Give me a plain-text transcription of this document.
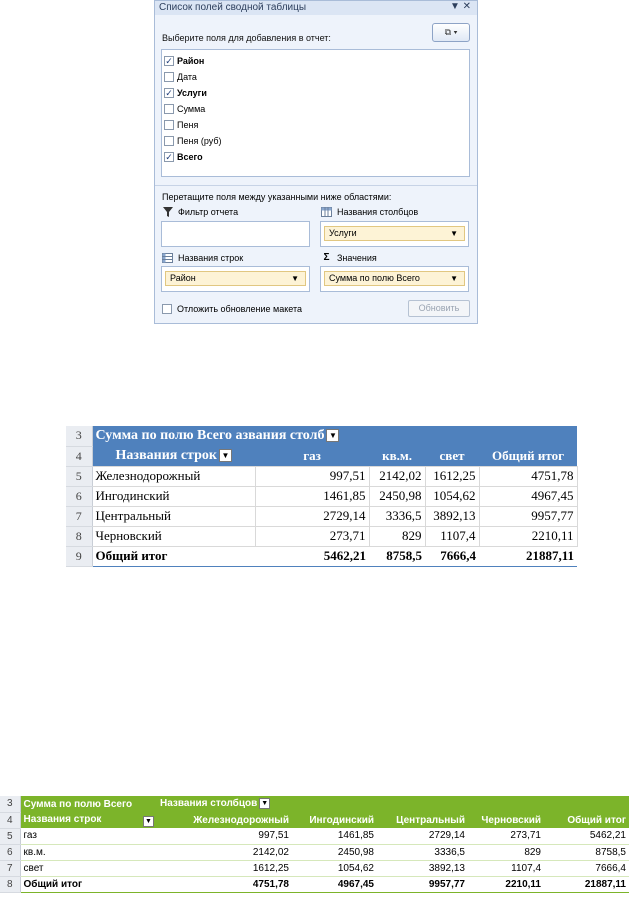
Список полей сводной таблицы	▼ ✕
⧉ ▾
Выберите поля для добавления в отчет:
✓ Район
Дата
✓ Услуги
Сумма
Пеня
Пеня (руб)
✓ Всего
Перетащите поля между указанными ниже областями:
Фильтр отчета	Названия столбцов
Услуги	▼
Названия строк
Район	▼
Σ Значения
Сумма по полю Всего	▼
Отложить обновление макета	Обновить
3	Сумма по полю Всего азвания столб ▼				
4	Названия строк ▼	газ	кв.м.	свет	Общий итог
5	Железнодорожный	997,51	2142,02	1612,25	4751,78
6	Ингодинский	1461,85	2450,98	1054,62	4967,45
7	Центральный	2729,14	3336,5	3892,13	9957,77
8	Черновский	273,71	829	1107,4	2210,11
9	Общий итог	5462,21	8758,5	7666,4	21887,11
3	Сумма по полю Всего	Названия столбцов ▼				
4	Названия строк ▼	Железнодорожный	Ингодинский	Центральный	Черновский	Общий итог
5	газ	997,51	1461,85	2729,14	273,71	5462,21
6	кв.м.	2142,02	2450,98	3336,5	829	8758,5
7	свет	1612,25	1054,62	3892,13	1107,4	7666,4
8	Общий итог	4751,78	4967,45	9957,77	2210,11	21887,11
